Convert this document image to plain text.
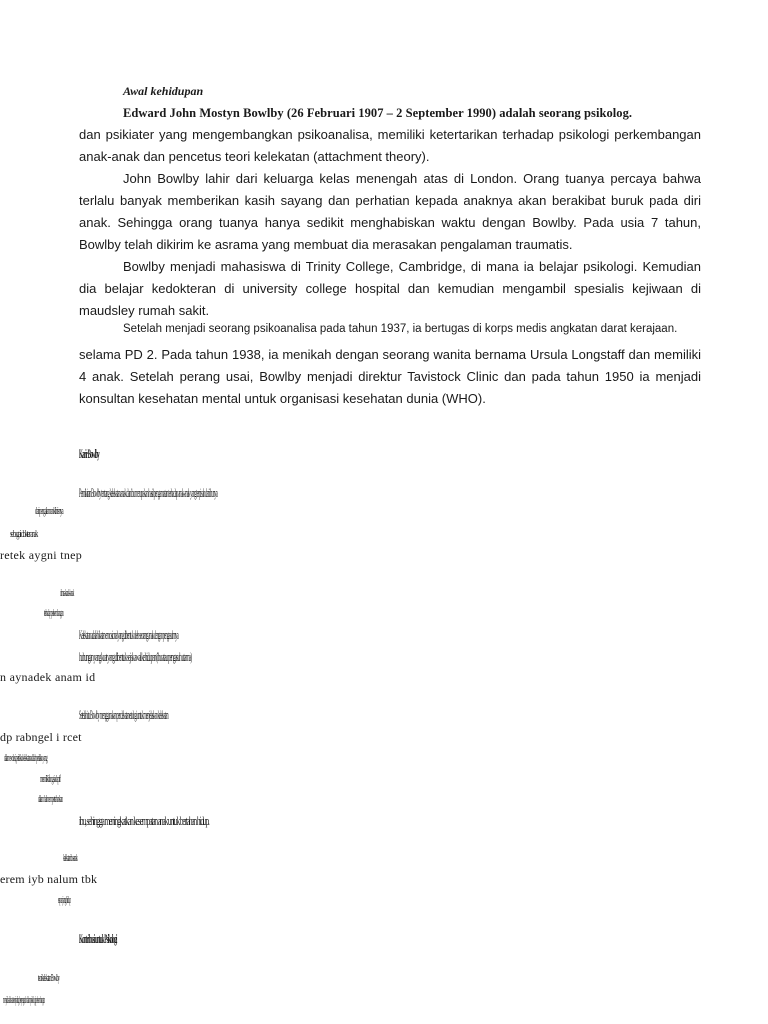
Awal kehidupan
Edward John Mostyn Bowlby (26 Februari 1907 – 2 September 1990) adalah seorang psikolog.

dan psikiater yang mengembangkan psikoanalisa, memiliki ketertarikan terhadap psikologi perkembangan anak-anak dan pencetus teori kelekatan (attachment theory).

John Bowlby lahir dari keluarga kelas menengah atas di London. Orang tuanya percaya bahwa terlalu banyak memberikan kasih sayang dan perhatian kepada anaknya akan berakibat buruk pada diri anak. Sehingga orang tuanya hanya sedikit menghabiskan waktu dengan Bowlby. Pada usia 7 tahun, Bowlby telah dikirim ke asrama yang membuat dia merasakan pengalaman traumatis.

Bowlby menjadi mahasiswa di Trinity College, Cambridge, di mana ia belajar psikologi. Kemudian dia belajar kedokteran di university college hospital dan kemudian mengambil spesialis kejiwaan di maudsley rumah sakit.

Setelah menjadi seorang psikoanalisa pada tahun 1937, ia bertugas di korps medis angkatan darat kerajaan.

selama PD 2. Pada tahun 1938, ia menikah dengan seorang wanita bernama Ursula Longstaff dan memiliki 4 anak. Setelah perang usai, Bowlby menjadi direktur Tavistock Clinic dan pada tahun 1950 ia menjadi konsultan kesehatan mental untuk organisasi kesehatan dunia (WHO).

Karir Bowlby
Pemikiran Bowlby tentang kelekatan anak dan ibu merupakan hasil pengamatan terhadap anak-anak yang terpisah dari ibunya
dari pengalaman klinisnya
sebagai dokter anak
retek aygni tnep
di masa kanak-kanak
terhadap perkembangan
Kelekatan adalah ikatan emosional yang dibentuk oleh seorang anak dengan pengasuhnya
hubungan yang kuat yang dibentuk sejak awal kehidupan (ibu atau pengasuh utama)
n aynadek anam id
Setelah itu Bowlby menggunakan pendekatan etologi untuk menjelaskan kelekatan
dp rabngel i rcet
dalam evolusi, perilaku kelekatan adalah perilaku yang
memiliki fungsi adaptif
dalam hal mempertahankan
ibu, sehingga meningkatkan kesempatan anak untuk bertahan hidup.
kelekatan ibu-anak
erem iyb nalum tbk
sepanjang hidup
Kontribusi untuk Psikologi
teori kelekatan Bowlby
menjadi salah satu teori paling berpengaruh dalam psikologi perkembangan
